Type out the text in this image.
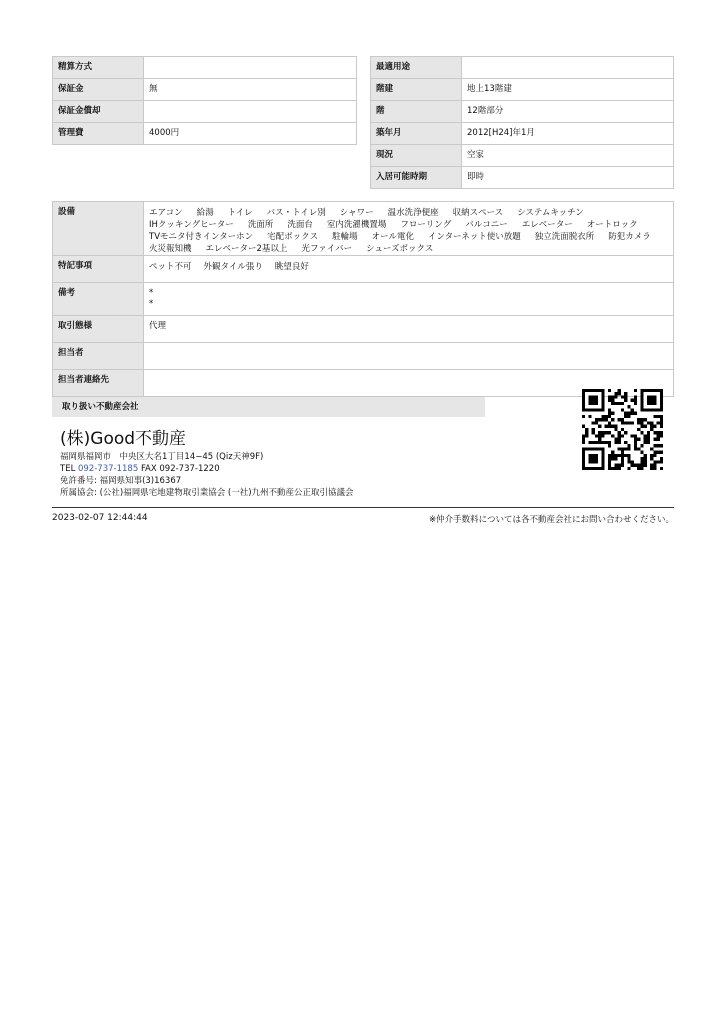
精算方式	
保証金	無
保証金償却	
管理費	4000円
最適用途	
階建	地上13階建
階	12階部分
築年月	2012[H24]年1月
現況	空家
入居可能時期	即時
設備	エアコン 給湯 トイレ バス・トイレ別 シャワー 温水洗浄便座 収納スペース システムキッチンIHクッキングヒーター 洗面所 洗面台 室内洗濯機置場 フローリング バルコニー エレベーター オートロックTVモニタ付きインターホン 宅配ボックス 駐輪場 オール電化 インターネット使い放題 独立洗面脱衣所 防犯カメラ火災報知機 エレベーター2基以上 光ファイバー シューズボックス
特記事項	ペット不可 外観タイル張り 眺望良好
備考	*
*

取引態様	代理
担当者	
担当者連絡先	
取り扱い不動産会社
(株)Good不動産
福岡県福岡市　中央区大名1丁目14−45 (Qiz天神9F)
TEL 092-737-1185 FAX 092-737-1220
免許番号: 福岡県知事(3)16367
所属協会: (公社)福岡県宅地建物取引業協会 (一社)九州不動産公正取引協議会
2023-02-07 12:44:44	※仲介手数料については各不動産会社にお問い合わせください。
